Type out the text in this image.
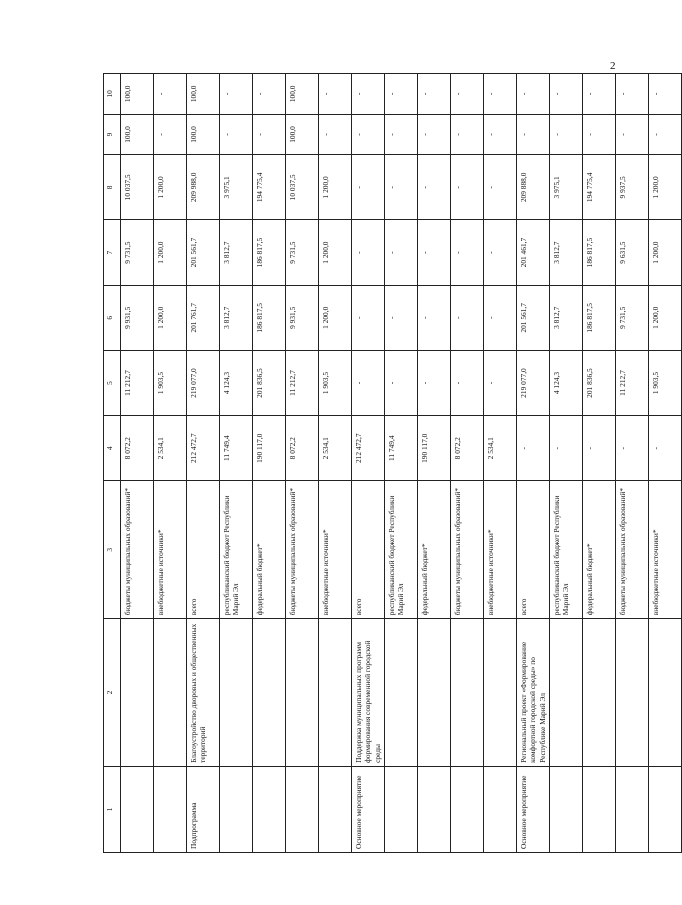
2
1	2	3	4	5	6	7	8	9	10
		бюджеты муниципальных образований*	8 072,2	11 212,7	9 931,5	9 731,5	10 037,5	100,0	100,0
		внебюджетные источники*	2 534,1	1 903,5	1 200,0	1 200,0	1 200,0	-	-
Подпрограмма	Благоустройство дворовых и общественных территорий	всего	212 472,7	219 077,0	201 761,7	201 561,7	209 988,0	100,0	100,0
		республиканский бюджет Республики Марий Эл	11 749,4	4 124,3	3 812,7	3 812,7	3 975,1	-	-
		федеральный бюджет*	190 117,0	201 836,5	186 817,5	186 817,5	194 775,4	-	-
		бюджеты муниципальных образований*	8 072,2	11 212,7	9 931,5	9 731,5	10 037,5	100,0	100,0
		внебюджетные источники*	2 534,1	1 903,5	1 200,0	1 200,0	1 200,0	-	-
Основное мероприятие	Поддержка муниципальных программ формирования современной городской среды	всего	212 472,7	-	-	-	-	-	-
		республиканский бюджет Республики Марий Эл	11 749,4	-	-	-	-	-	-
		федеральный бюджет*	190 117,0	-	-	-	-	-	-
		бюджеты муниципальных образований*	8 072,2	-	-	-	-	-	-
		внебюджетные источники*	2 534,1	-	-	-	-	-	-
Основное мероприятие	Региональный проект «Формирование комфортной городской среды» по Республике Марий Эл	всего	-	219 077,0	201 561,7	201 461,7	209 888,0	-	-
		республиканский бюджет Республики Марий Эл	-	4 124,3	3 812,7	3 812,7	3 975,1	-	-
		федеральный бюджет*	-	201 836,5	186 817,5	186 817,5	194 775,4	-	-
		бюджеты муниципальных образований*	-	11 212,7	9 731,5	9 631,5	9 937,5	-	-
		внебюджетные источники*	-	1 903,5	1 200,0	1 200,0	1 200,0	-	-
